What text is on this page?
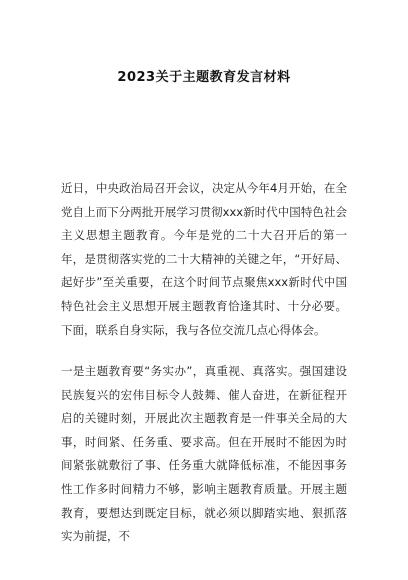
2023关于主题教育发言材料

近日，中央政治局召开会议，决定从今年4月开始，在全党自上而下分两批开展学习贯彻xxx新时代中国特色社会主义思想主题教育。今年是党的二十大召开后的第一年，是贯彻落实党的二十大精神的关键之年，“开好局、起好步”至关重要，在这个时间节点聚焦xxx新时代中国特色社会主义思想开展主题教育恰逢其时、十分必要。下面，联系自身实际，我与各位交流几点心得体会。

一是主题教育要“务实办”，真重视、真落实。强国建设民族复兴的宏伟目标令人鼓舞、催人奋进，在新征程开启的关键时刻，开展此次主题教育是一件事关全局的大事，时间紧、任务重、要求高。但在开展时不能因为时间紧张就敷衍了事、任务重大就降低标准，不能因事务性工作多时间精力不够，影响主题教育质量。开展主题教育，要想达到既定目标，就必须以脚踏实地、狠抓落实为前提，不
